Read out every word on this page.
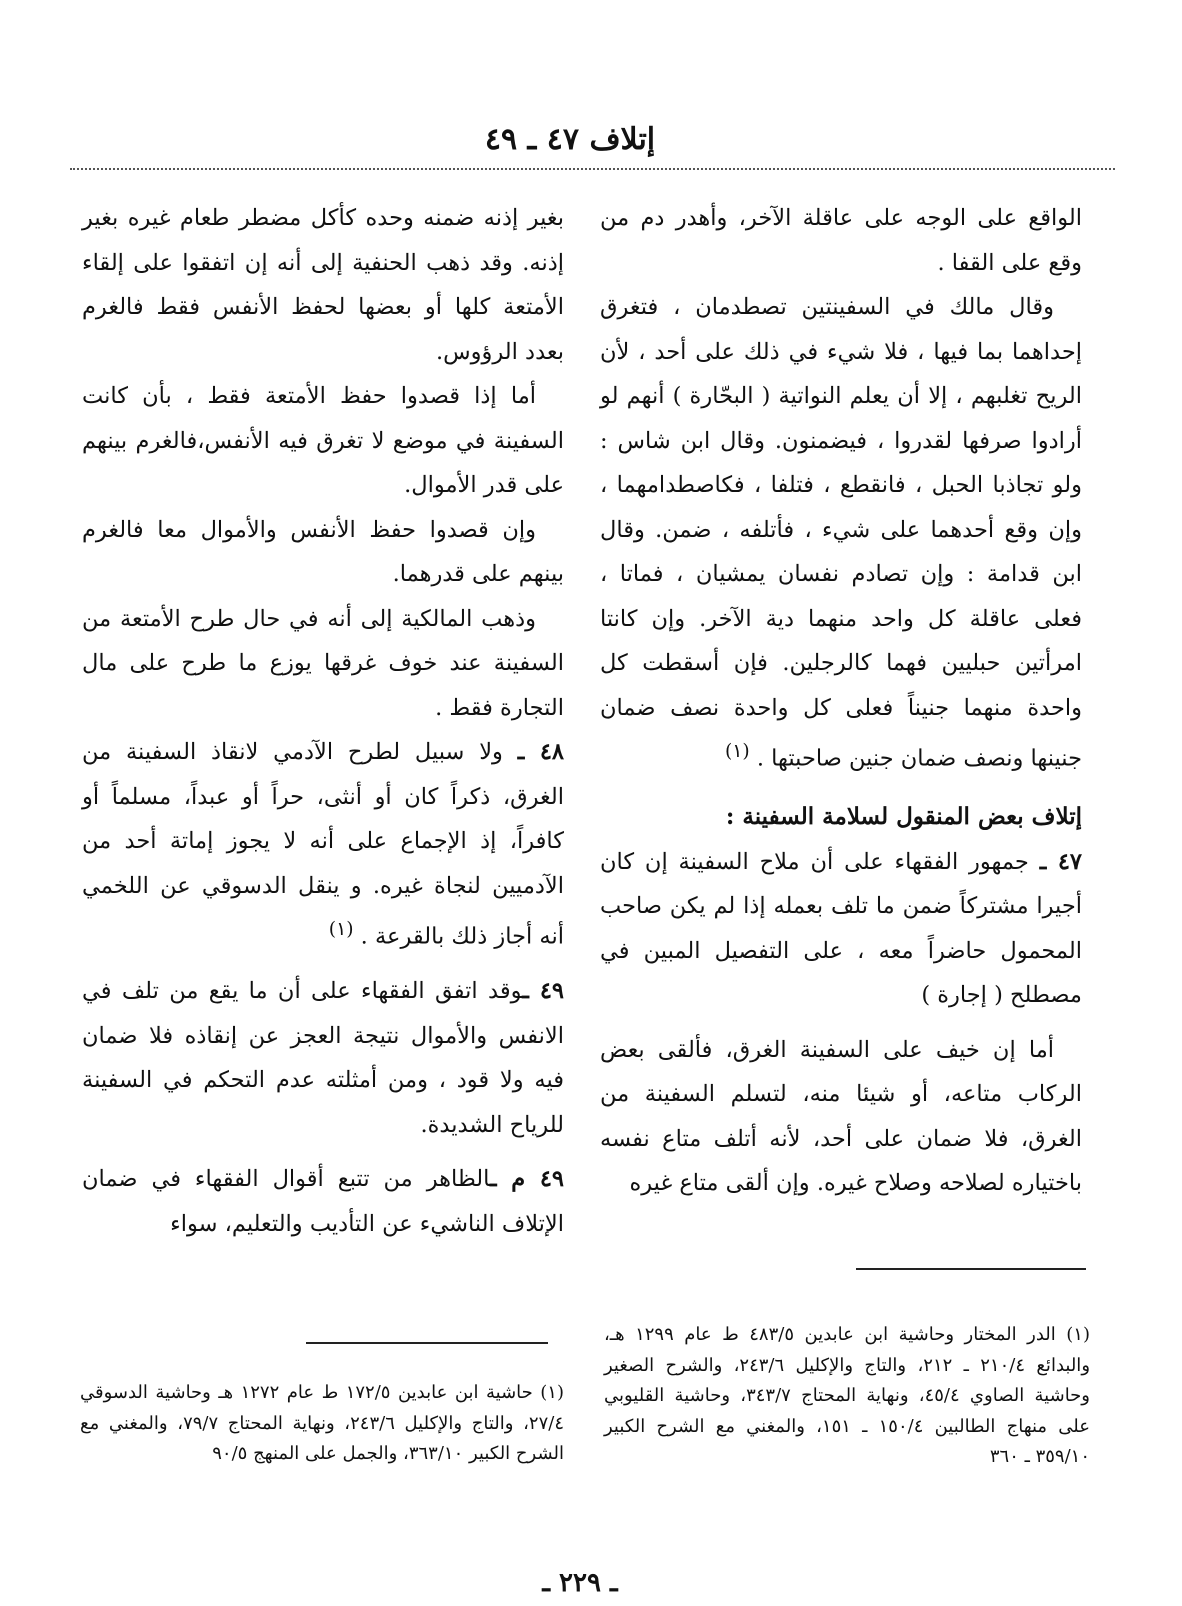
إتلاف ٤٧ ـ ٤٩

الواقع على الوجه على عاقلة الآخر، وأهدر دم من وقع على القفا .

وقال مالك في السفينتين تصطدمان ، فتغرق إحداهما بما فيها ، فلا شيء في ذلك على أحد ، لأن الريح تغلبهم ، إلا أن يعلم النواتية ( البحّارة ) أنهم لو أرادوا صرفها لقدروا ، فيضمنون. وقال ابن شاس : ولو تجاذبا الحبل ، فانقطع ، فتلفا ، فكاصطدامهما ، وإن وقع أحدهما على شيء ، فأتلفه ، ضمن. وقال ابن قدامة : وإن تصادم نفسان يمشيان ، فماتا ، فعلى عاقلة كل واحد منهما دية الآخر. وإن كانتا امرأتين حبليين فهما كالرجلين. فإن أسقطت كل واحدة منهما جنيناً فعلى كل واحدة نصف ضمان جنينها ونصف ضمان جنين صاحبتها . $^{(١)}$

إتلاف بعض المنقول لسلامة السفينة :

٤٧ ـ جمهور الفقهاء على أن ملاح السفينة إن كان أجيرا مشتركاً ضمن ما تلف بعمله إذا لم يكن صاحب المحمول حاضراً معه ، على التفصيل المبين في مصطلح ( إجارة )

أما إن خيف على السفينة الغرق، فألقى بعض الركاب متاعه، أو شيئا منه، لتسلم السفينة من الغرق، فلا ضمان على أحد، لأنه أتلف متاع نفسه باختياره لصلاحه وصلاح غيره. وإن ألقى متاع غيره

بغير إذنه ضمنه وحده كأكل مضطر طعام غيره بغير إذنه. وقد ذهب الحنفية إلى أنه إن اتفقوا على إلقاء الأمتعة كلها أو بعضها لحفظ الأنفس فقط فالغرم بعدد الرؤوس.

أما إذا قصدوا حفظ الأمتعة فقط ، بأن كانت السفينة في موضع لا تغرق فيه الأنفس،فالغرم بينهم على قدر الأموال.

وإن قصدوا حفظ الأنفس والأموال معا فالغرم بينهم على قدرهما.

وذهب المالكية إلى أنه في حال طرح الأمتعة من السفينة عند خوف غرقها يوزع ما طرح على مال التجارة فقط .

٤٨ ـ ولا سبيل لطرح الآدمي لانقاذ السفينة من الغرق، ذكراً كان أو أنثى، حراً أو عبداً، مسلماً أو كافراً، إذ الإجماع على أنه لا يجوز إماتة أحد من الآدميين لنجاة غيره. و ينقل الدسوقي عن اللخمي أنه أجاز ذلك بالقرعة . $^{(١)}$

٤٩ ـوقد اتفق الفقهاء على أن ما يقع من تلف في الانفس والأموال نتيجة العجز عن إنقاذه فلا ضمان فيه ولا قود ، ومن أمثلته عدم التحكم في السفينة للرياح الشديدة.

٤٩ م ـالظاهر من تتبع أقوال الفقهاء في ضمان الإتلاف الناشيء عن التأديب والتعليم، سواء

(١) الدر المختار وحاشية ابن عابدين ٤٨٣/٥ ط عام ١٢٩٩ هـ، والبدائع ٢١٠/٤ ـ ٢١٢، والتاج والإكليل ٢٤٣/٦، والشرح الصغير وحاشية الصاوي ٤٥/٤، ونهاية المحتاج ٣٤٣/٧، وحاشية القليوبي على منهاج الطالبين ١٥٠/٤ ـ ١٥١، والمغني مع الشرح الكبير ٣٥٩/١٠ ـ ٣٦٠
(١) حاشية ابن عابدين ١٧٢/٥ ط عام ١٢٧٢ هـ وحاشية الدسوقي ٢٧/٤، والتاج والإكليل ٢٤٣/٦، ونهاية المحتاج ٧٩/٧، والمغني مع الشرح الكبير ٣٦٣/١٠، والجمل على المنهج ٩٠/٥
ـ ٢٢٩ ـ
